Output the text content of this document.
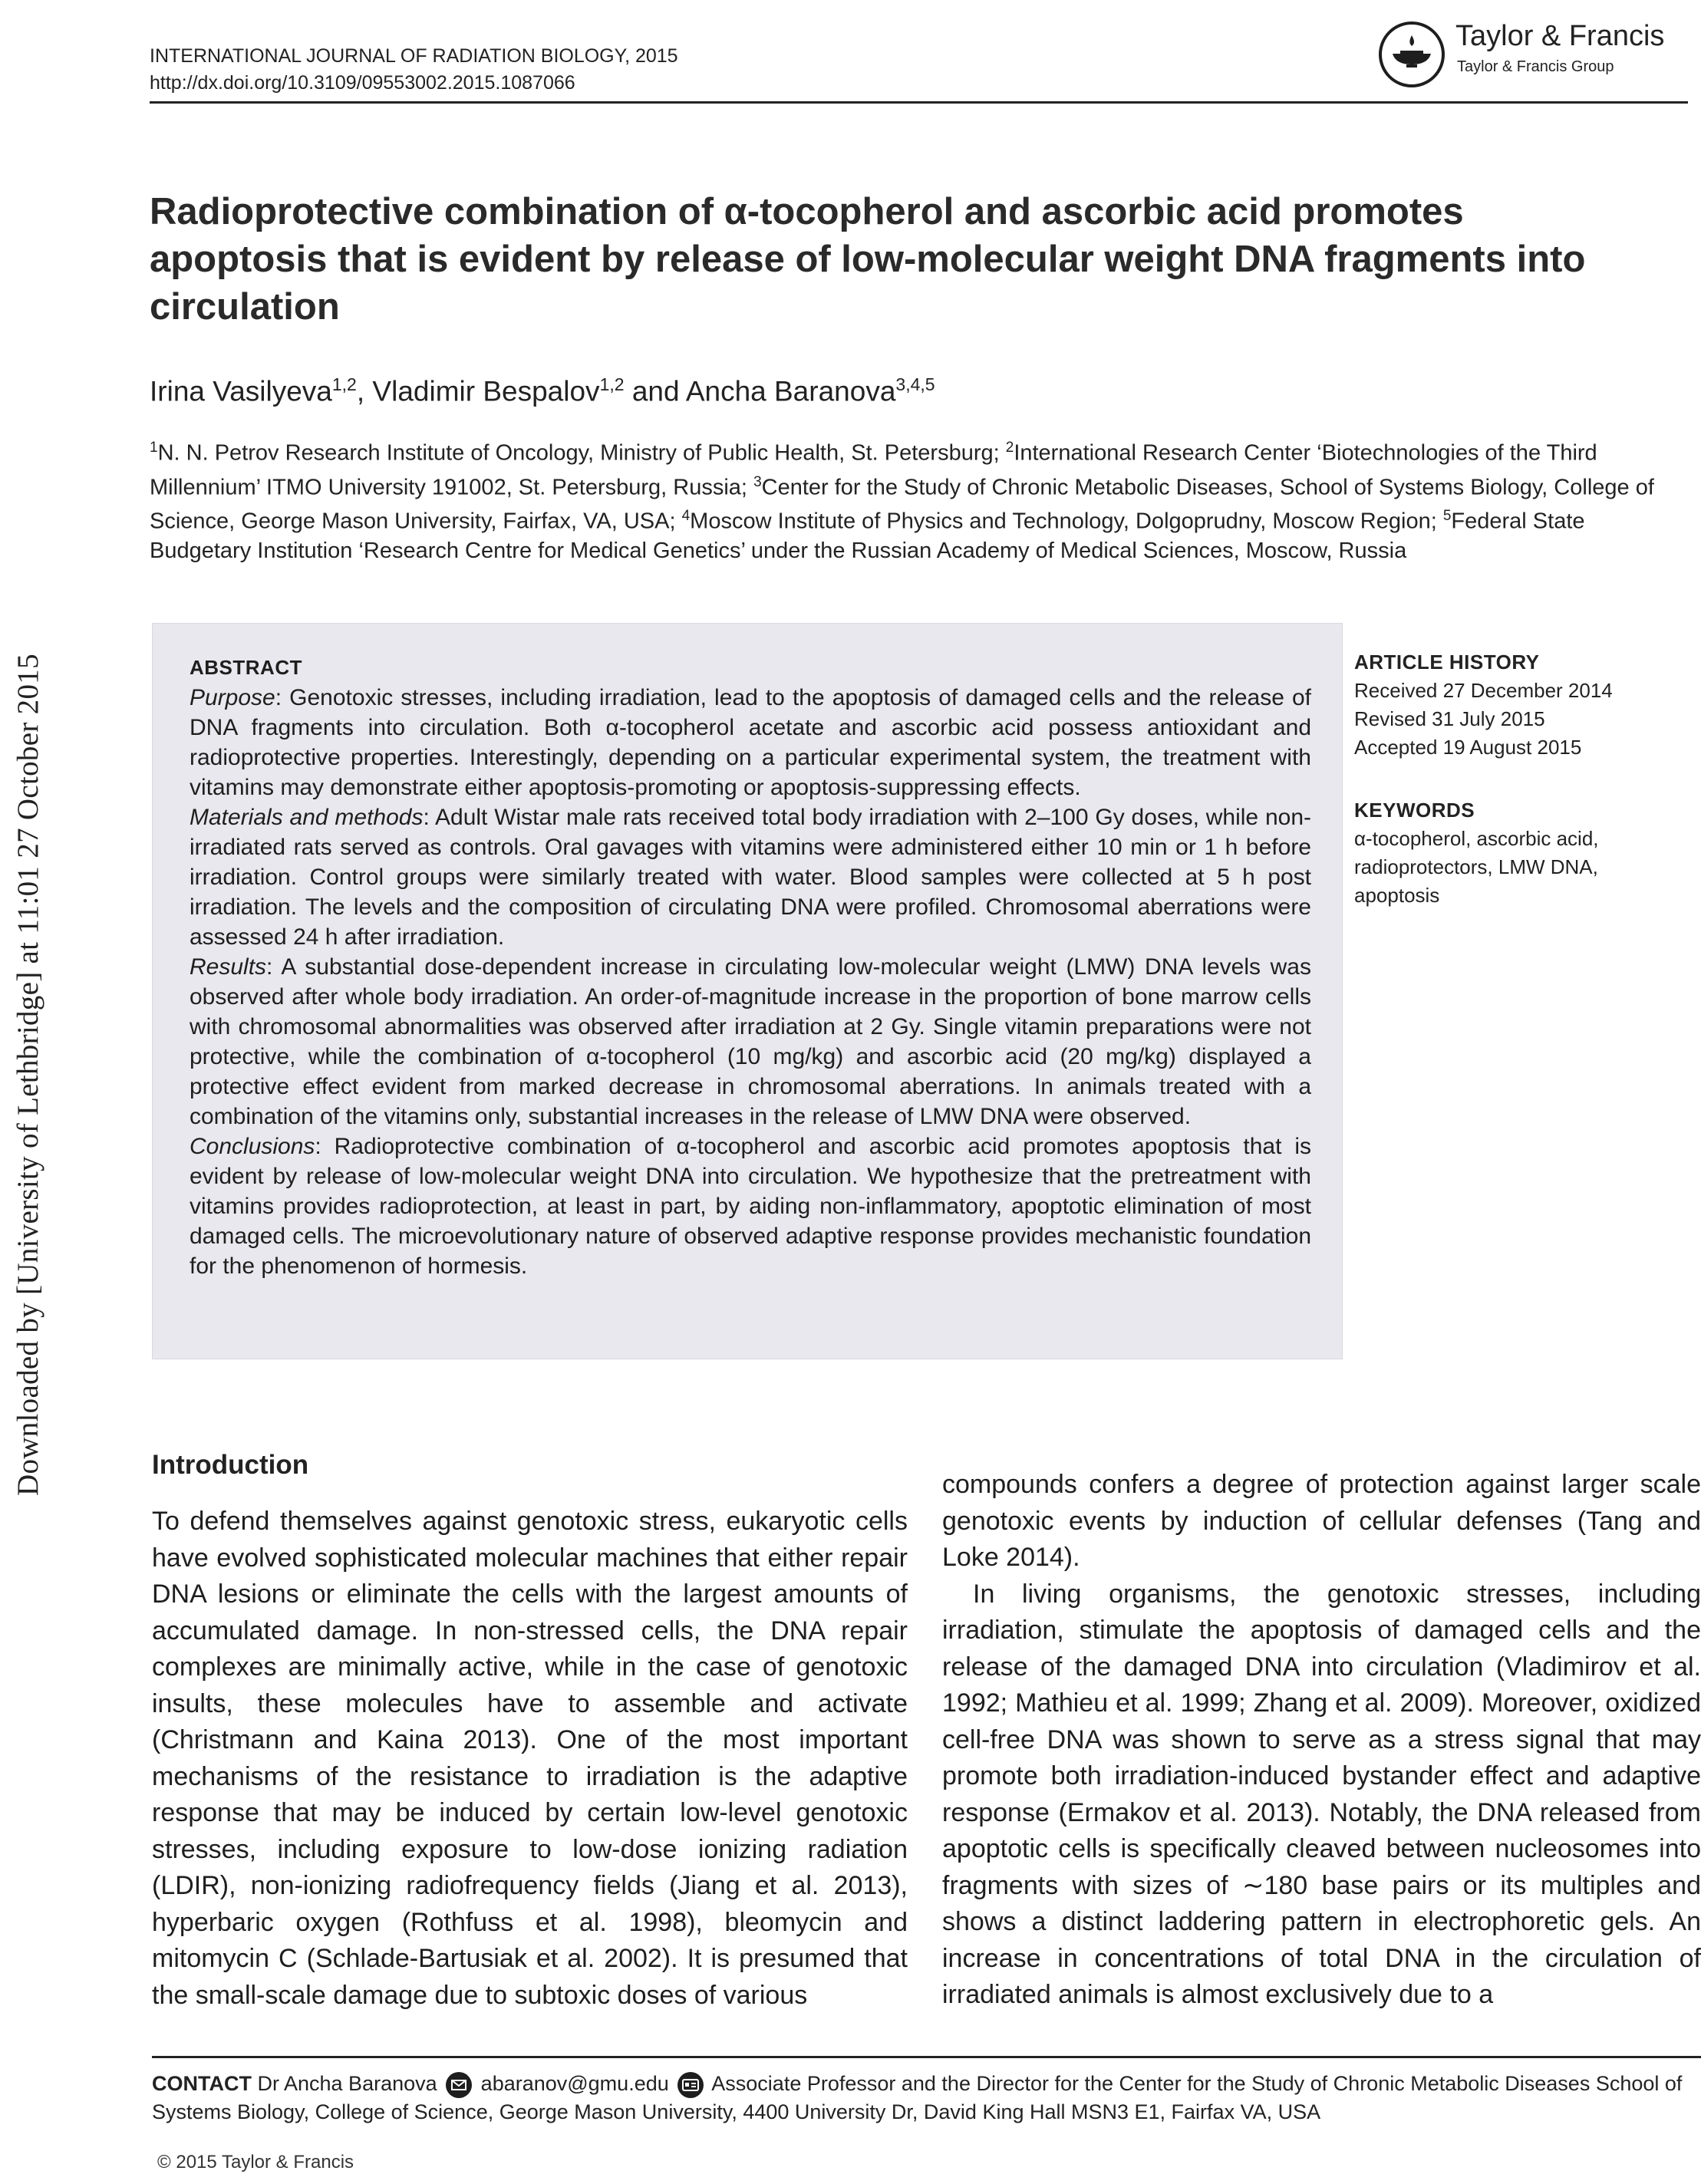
Downloaded by [University of Lethbridge] at 11:01 27 October 2015
INTERNATIONAL JOURNAL OF RADIATION BIOLOGY, 2015
http://dx.doi.org/10.3109/09553002.2015.1087066
Taylor & Francis
Taylor & Francis Group
Radioprotective combination of α-tocopherol and ascorbic acid promotes apoptosis that is evident by release of low-molecular weight DNA fragments into circulation
Irina Vasilyeva$^{1,2}$, Vladimir Bespalov$^{1,2}$ and Ancha Baranova$^{3,4,5}$
$^1$N. N. Petrov Research Institute of Oncology, Ministry of Public Health, St. Petersburg; $^2$International Research Center ‘Biotechnologies of the Third Millennium’ ITMO University 191002, St. Petersburg, Russia; $^3$Center for the Study of Chronic Metabolic Diseases, School of Systems Biology, College of Science, George Mason University, Fairfax, VA, USA; $^4$Moscow Institute of Physics and Technology, Dolgoprudny, Moscow Region; $^5$Federal State Budgetary Institution ‘Research Centre for Medical Genetics’ under the Russian Academy of Medical Sciences, Moscow, Russia
ABSTRACT

Purpose: Genotoxic stresses, including irradiation, lead to the apoptosis of damaged cells and the release of DNA fragments into circulation. Both α-tocopherol acetate and ascorbic acid possess antioxidant and radioprotective properties. Interestingly, depending on a particular experimental system, the treatment with vitamins may demonstrate either apoptosis-promoting or apoptosis-suppressing effects.

Materials and methods: Adult Wistar male rats received total body irradiation with 2–100 Gy doses, while non-irradiated rats served as controls. Oral gavages with vitamins were administered either 10 min or 1 h before irradiation. Control groups were similarly treated with water. Blood samples were collected at 5 h post irradiation. The levels and the composition of circulating DNA were profiled. Chromosomal aberrations were assessed 24 h after irradiation.

Results: A substantial dose-dependent increase in circulating low-molecular weight (LMW) DNA levels was observed after whole body irradiation. An order-of-magnitude increase in the proportion of bone marrow cells with chromosomal abnormalities was observed after irradiation at 2 Gy. Single vitamin preparations were not protective, while the combination of α-tocopherol (10 mg/kg) and ascorbic acid (20 mg/kg) displayed a protective effect evident from marked decrease in chromosomal aberrations. In animals treated with a combination of the vitamins only, substantial increases in the release of LMW DNA were observed.

Conclusions: Radioprotective combination of α-tocopherol and ascorbic acid promotes apoptosis that is evident by release of low-molecular weight DNA into circulation. We hypothesize that the pretreatment with vitamins provides radioprotection, at least in part, by aiding non-inflammatory, apoptotic elimination of most damaged cells. The microevolutionary nature of observed adaptive response provides mechanistic foundation for the phenomenon of hormesis.

ARTICLE HISTORY
Received 27 December 2014
Revised 31 July 2015
Accepted 19 August 2015
KEYWORDS
α-tocopherol, ascorbic acid, radioprotectors, LMW DNA, apoptosis
Introduction

To defend themselves against genotoxic stress, eukaryotic cells have evolved sophisticated molecular machines that either repair DNA lesions or eliminate the cells with the largest amounts of accumulated damage. In non-stressed cells, the DNA repair complexes are minimally active, while in the case of genotoxic insults, these molecules have to assemble and activate (Christmann and Kaina 2013). One of the most important mechanisms of the resistance to irradiation is the adaptive response that may be induced by certain low-level genotoxic stresses, including exposure to low-dose ionizing radiation (LDIR), non-ionizing radiofrequency fields (Jiang et al. 2013), hyperbaric oxygen (Rothfuss et al. 1998), bleomycin and mitomycin C (Schlade-Bartusiak et al. 2002). It is presumed that the small-scale damage due to subtoxic doses of various

compounds confers a degree of protection against larger scale genotoxic events by induction of cellular defenses (Tang and Loke 2014).

In living organisms, the genotoxic stresses, including irradiation, stimulate the apoptosis of damaged cells and the release of the damaged DNA into circulation (Vladimirov et al. 1992; Mathieu et al. 1999; Zhang et al. 2009). Moreover, oxidized cell-free DNA was shown to serve as a stress signal that may promote both irradiation-induced bystander effect and adaptive response (Ermakov et al. 2013). Notably, the DNA released from apoptotic cells is specifically cleaved between nucleosomes into fragments with sizes of ∼180 base pairs or its multiples and shows a distinct laddering pattern in electrophoretic gels. An increase in concentrations of total DNA in the circulation of irradiated animals is almost exclusively due to a

CONTACT Dr Ancha Baranova abaranov@gmu.edu Associate Professor and the Director for the Center for the Study of Chronic Metabolic Diseases School of Systems Biology, College of Science, George Mason University, 4400 University Dr, David King Hall MSN3 E1, Fairfax VA, USA
© 2015 Taylor & Francis
